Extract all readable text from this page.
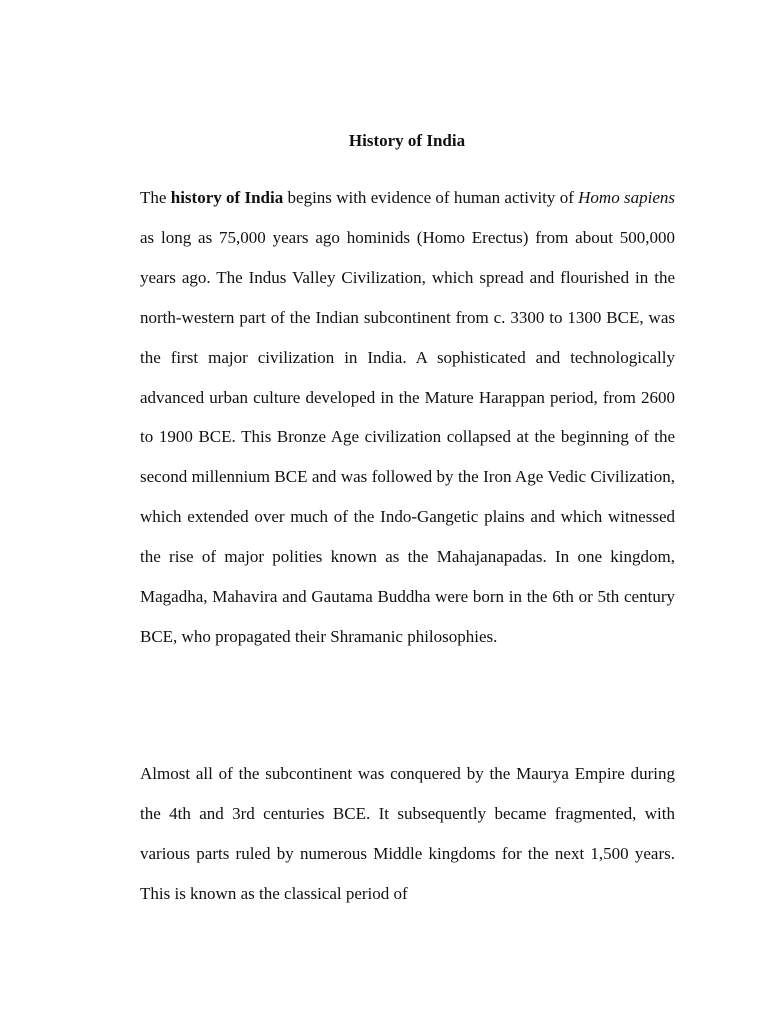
History of India

The history of India begins with evidence of human activity of Homo sapiens as long as 75,000 years ago hominids (Homo Erectus) from about 500,000 years ago. The Indus Valley Civilization, which spread and flourished in the north-western part of the Indian subcontinent from c. 3300 to 1300 BCE, was the first major civilization in India. A sophisticated and technologically advanced urban culture developed in the Mature Harappan period, from 2600 to 1900 BCE. This Bronze Age civilization collapsed at the beginning of the second millennium BCE and was followed by the Iron Age Vedic Civilization, which extended over much of the Indo-Gangetic plains and which witnessed the rise of major polities known as the Mahajanapadas. In one kingdom, Magadha, Mahavira and Gautama Buddha were born in the 6th or 5th century BCE, who propagated their Shramanic philosophies.

Almost all of the subcontinent was conquered by the Maurya Empire during the 4th and 3rd centuries BCE. It subsequently became fragmented, with various parts ruled by numerous Middle kingdoms for the next 1,500 years. This is known as the classical period of
